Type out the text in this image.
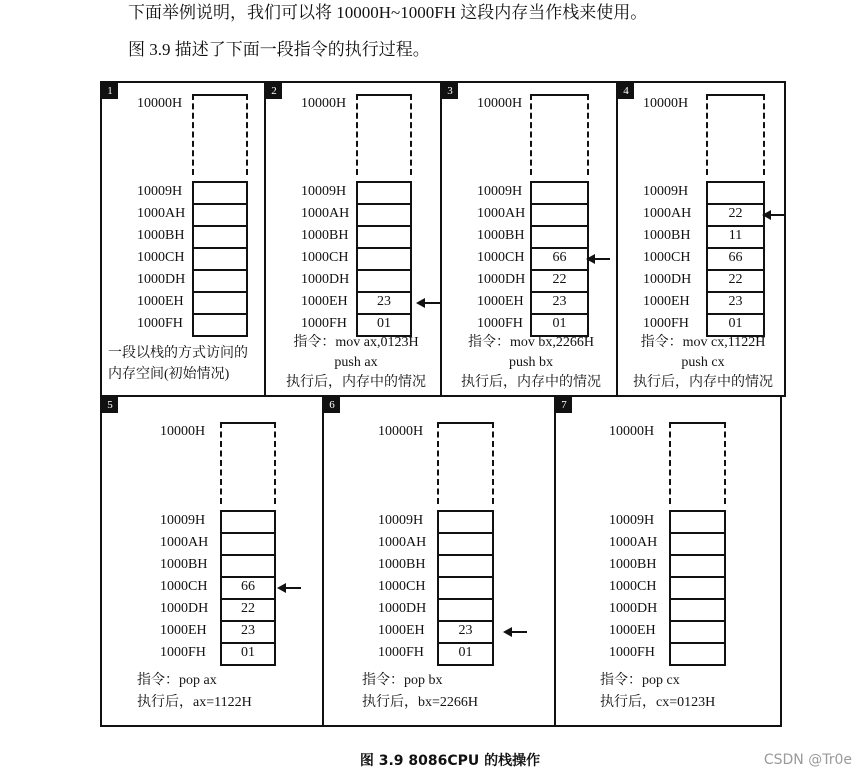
下面举例说明，我们可以将 10000H~1000FH 这段内存当作栈来使用。
图 3.9 描述了下面一段指令的执行过程。
1
10000H
10009H
1000AH
1000BH
1000CH
1000DH
1000EH
1000FH
一段以栈的方式访问的
内存空间(初始情况)
2
10000H
10009H
1000AH
1000BH
1000CH
1000DH
1000EH	23
1000FH	01
指令：mov ax,0123H
push ax
执行后，内存中的情况
3
10000H
10009H
1000AH
1000BH
1000CH	66
1000DH	22
1000EH	23
1000FH	01
指令：mov bx,2266H
push bx
执行后，内存中的情况
4
10000H
10009H
1000AH	22
1000BH	11
1000CH	66
1000DH	22
1000EH	23
1000FH	01
指令：mov cx,1122H
push cx
执行后，内存中的情况
5
10000H
10009H
1000AH
1000BH
1000CH	66
1000DH	22
1000EH	23
1000FH	01
指令：pop ax
执行后，ax=1122H
6
10000H
10009H
1000AH
1000BH
1000CH
1000DH
1000EH	23
1000FH	01
指令：pop bx
执行后，bx=2266H
7
10000H
10009H
1000AH
1000BH
1000CH
1000DH
1000EH
1000FH
指令：pop cx
执行后，cx=0123H
图 3.9 8086CPU 的栈操作	CSDN @Tr0e
